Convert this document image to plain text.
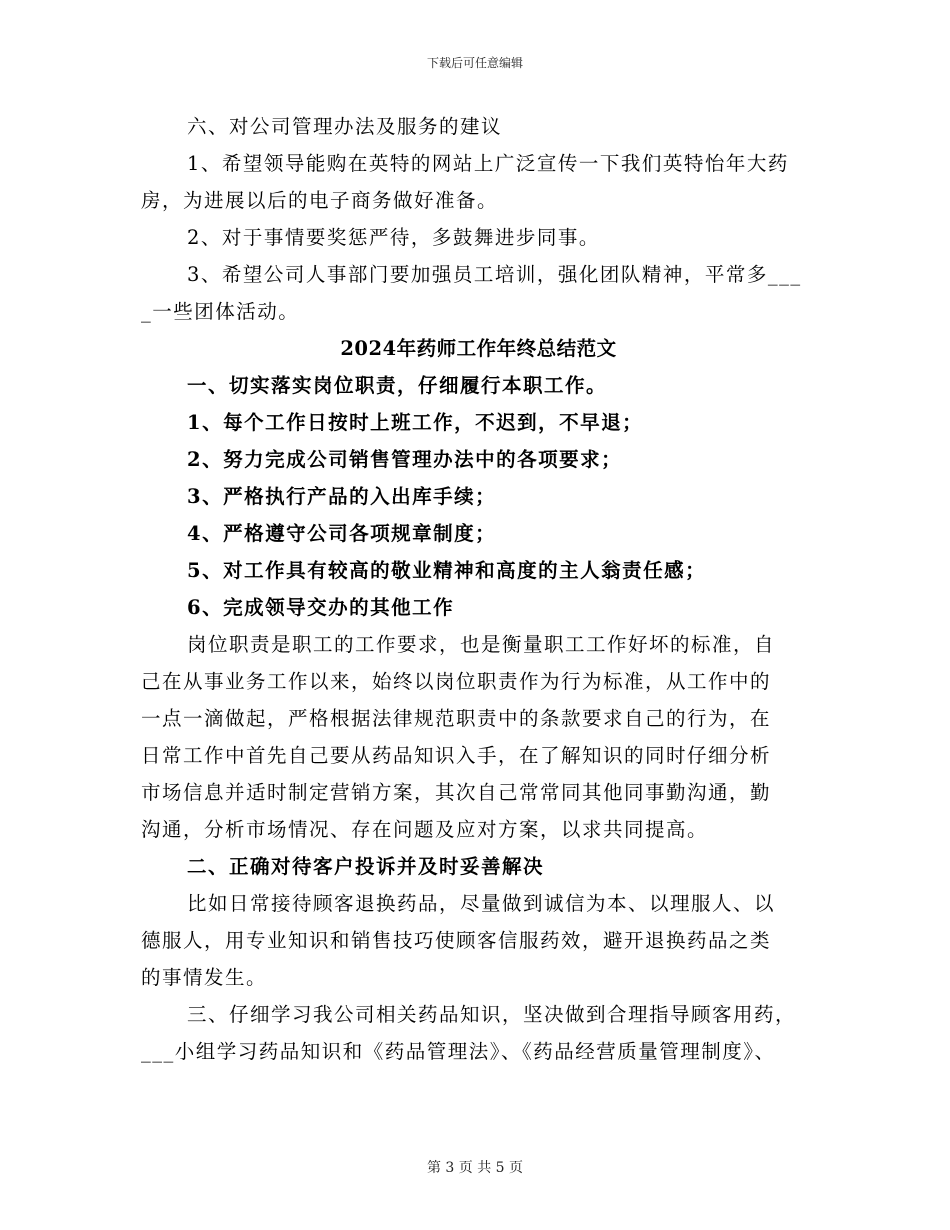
下载后可任意编辑
六、对公司管理办法及服务的建议
1、希望领导能购在英特的网站上广泛宣传一下我们英特怡年大药
房，为进展以后的电子商务做好准备。
2、对于事情要奖惩严待，多鼓舞进步同事。
3、希望公司人事部门要加强员工培训，强化团队精神，平常多___
_一些团体活动。
2024年药师工作年终总结范文
一、切实落实岗位职责，仔细履行本职工作。
1、每个工作日按时上班工作，不迟到，不早退；
2、努力完成公司销售管理办法中的各项要求；
3、严格执行产品的入出库手续；
4、严格遵守公司各项规章制度；
5、对工作具有较高的敬业精神和高度的主人翁责任感；
6、完成领导交办的其他工作
岗位职责是职工的工作要求，也是衡量职工工作好坏的标准，自
己在从事业务工作以来，始终以岗位职责作为行为标准，从工作中的
一点一滴做起，严格根据法律规范职责中的条款要求自己的行为，在
日常工作中首先自己要从药品知识入手，在了解知识的同时仔细分析
市场信息并适时制定营销方案，其次自己常常同其他同事勤沟通，勤
沟通，分析市场情况、存在问题及应对方案，以求共同提高。
二、正确对待客户投诉并及时妥善解决
比如日常接待顾客退换药品，尽量做到诚信为本、以理服人、以
德服人，用专业知识和销售技巧使顾客信服药效，避开退换药品之类
的事情发生。
三、仔细学习我公司相关药品知识，坚决做到合理指导顾客用药，
___小组学习药品知识和《药品管理法》、《药品经营质量管理制度》、
第 3 页 共 5 页
